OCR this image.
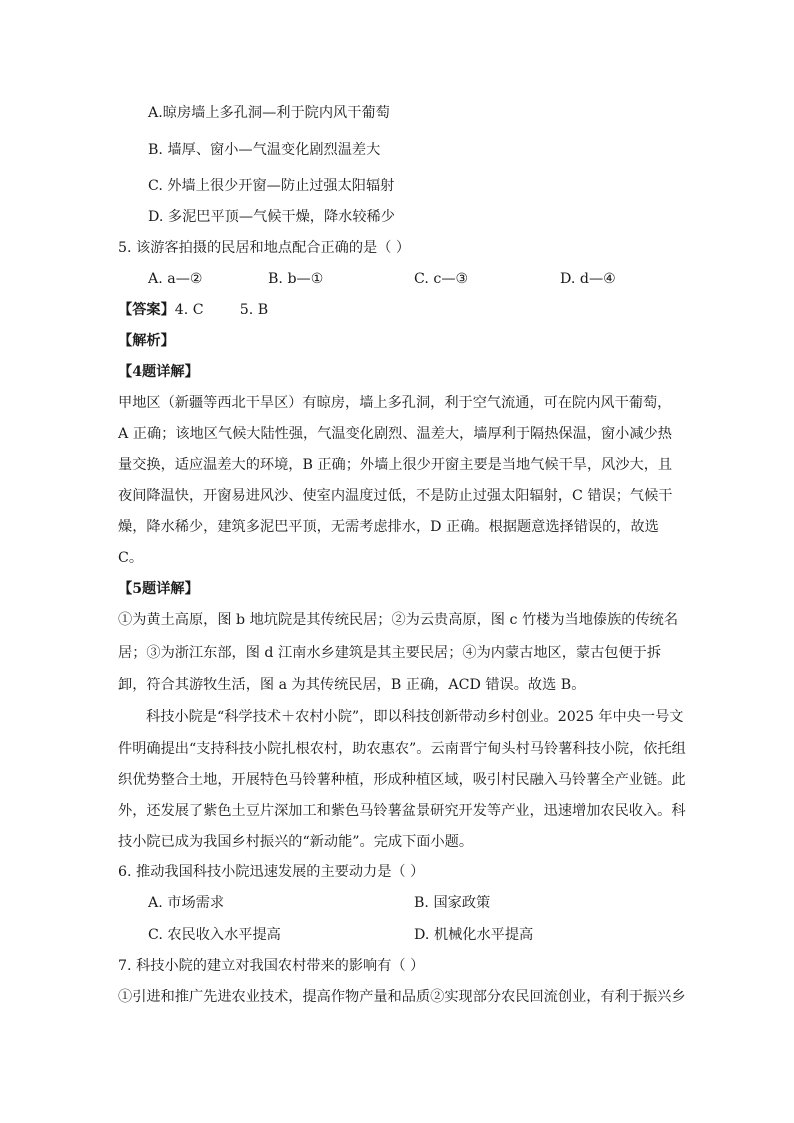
A.晾房墙上多孔洞—利于院内风干葡萄
B. 墙厚、窗小—气温变化剧烈温差大
C. 外墙上很少开窗—防止过强太阳辐射
D. 多泥巴平顶—气候干燥，降水较稀少
5. 该游客拍摄的民居和地点配合正确的是（ ）
A. a—②	B. b—①	C. c—③	D. d—④
【答案】4. C        5. B
【解析】
【4题详解】
甲地区（新疆等西北干旱区）有晾房，墙上多孔洞，利于空气流通，可在院内风干葡萄，
A 正确；该地区气候大陆性强，气温变化剧烈、温差大，墙厚利于隔热保温，窗小减少热
量交换，适应温差大的环境，B 正确；外墙上很少开窗主要是当地气候干旱，风沙大，且
夜间降温快，开窗易进风沙、使室内温度过低，不是防止过强太阳辐射，C 错误；气候干
燥，降水稀少，建筑多泥巴平顶，无需考虑排水，D 正确。根据题意选择错误的，故选
C。
【5题详解】
①为黄土高原，图 b 地坑院是其传统民居；②为云贵高原，图 c 竹楼为当地傣族的传统名
居；③为浙江东部，图 d 江南水乡建筑是其主要民居；④为内蒙古地区，蒙古包便于拆
卸，符合其游牧生活，图 a 为其传统民居，B 正确，ACD 错误。故选 B。
科技小院是“科学技术＋农村小院”，即以科技创新带动乡村创业。2025 年中央一号文
件明确提出“支持科技小院扎根农村，助农惠农”。云南晋宁甸头村马铃薯科技小院，依托组
织优势整合土地，开展特色马铃薯种植，形成种植区域，吸引村民融入马铃薯全产业链。此
外，还发展了紫色土豆片深加工和紫色马铃薯盆景研究开发等产业，迅速增加农民收入。科
技小院已成为我国乡村振兴的“新动能”。完成下面小题。
6. 推动我国科技小院迅速发展的主要动力是（ ）
A. 市场需求	B. 国家政策
C. 农民收入水平提高	D. 机械化水平提高
7. 科技小院的建立对我国农村带来的影响有（ ）
①引进和推广先进农业技术，提高作物产量和品质②实现部分农民回流创业，有利于振兴乡
